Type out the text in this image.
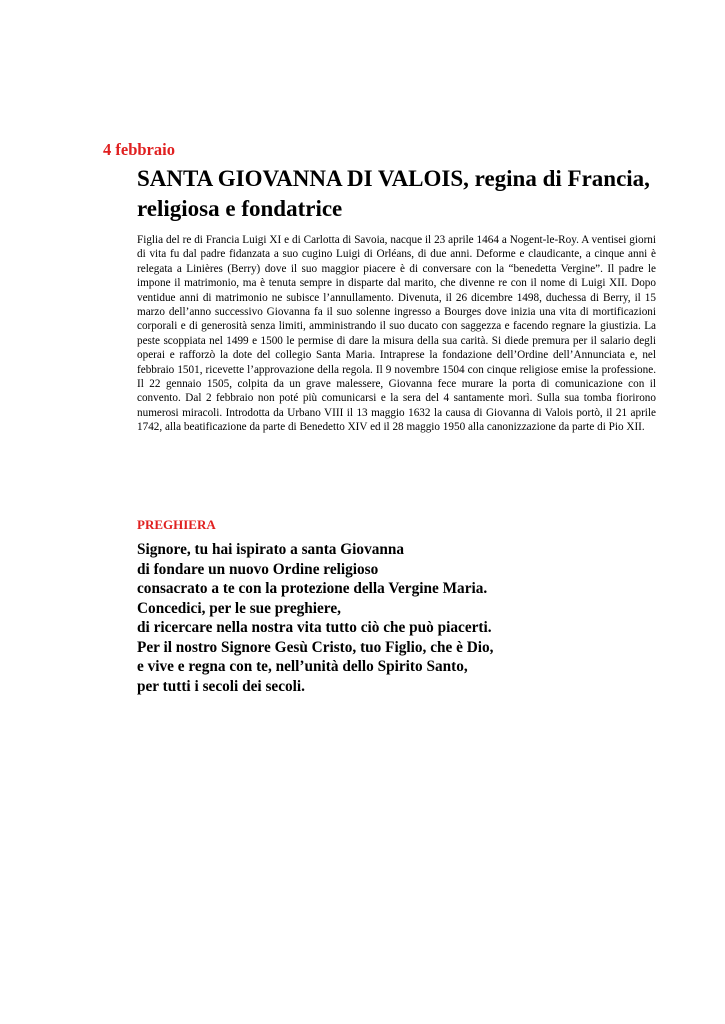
4 febbraio
SANTA GIOVANNA DI VALOIS, regina di Francia, religiosa e fondatrice

Figlia del re di Francia Luigi XI e di Carlotta di Savoia, nacque il 23 aprile 1464 a Nogent-le-Roy. A ventisei giorni di vita fu dal padre fidanzata a suo cugino Luigi di Orléans, di due anni. Deforme e claudicante, a cinque anni è relegata a Linières (Berry) dove il suo maggior piacere è di conversare con la “benedetta Vergine”. Il padre le impone il matrimonio, ma è tenuta sempre in disparte dal marito, che divenne re con il nome di Luigi XII. Dopo ventidue anni di matrimonio ne subisce l’annullamento. Divenuta, il 26 dicembre 1498, duchessa di Berry, il 15 marzo dell’anno successivo Giovanna fa il suo solenne ingresso a Bourges dove inizia una vita di mortificazioni corporali e di generosità senza limiti, amministrando il suo ducato con saggezza e facendo regnare la giustizia. La peste scoppiata nel 1499 e 1500 le permise di dare la misura della sua carità. Si diede premura per il salario degli operai e rafforzò la dote del collegio Santa Maria. Intraprese la fondazione dell’Ordine dell’Annunciata e, nel febbraio 1501, ricevette l’approvazione della regola. Il 9 novembre 1504 con cinque religiose emise la professione. Il 22 gennaio 1505, colpita da un grave malessere, Giovanna fece murare la porta di comunicazione con il convento. Dal 2 febbraio non poté più comunicarsi e la sera del 4 santamente morì. Sulla sua tomba fiorirono numerosi miracoli. Introdotta da Urbano VIII il 13 maggio 1632 la causa di Giovanna di Valois portò, il 21 aprile 1742, alla beatificazione da parte di Benedetto XIV ed il 28 maggio 1950 alla canonizzazione da parte di Pio XII.

PREGHIERA

Signore, tu hai ispirato a santa Giovanna
di fondare un nuovo Ordine religioso
consacrato a te con la protezione della Vergine Maria.
Concedici, per le sue preghiere,
di ricercare nella nostra vita tutto ciò che può piacerti.
Per il nostro Signore Gesù Cristo, tuo Figlio, che è Dio,
e vive e regna con te, nell’unità dello Spirito Santo,
per tutti i secoli dei secoli.
